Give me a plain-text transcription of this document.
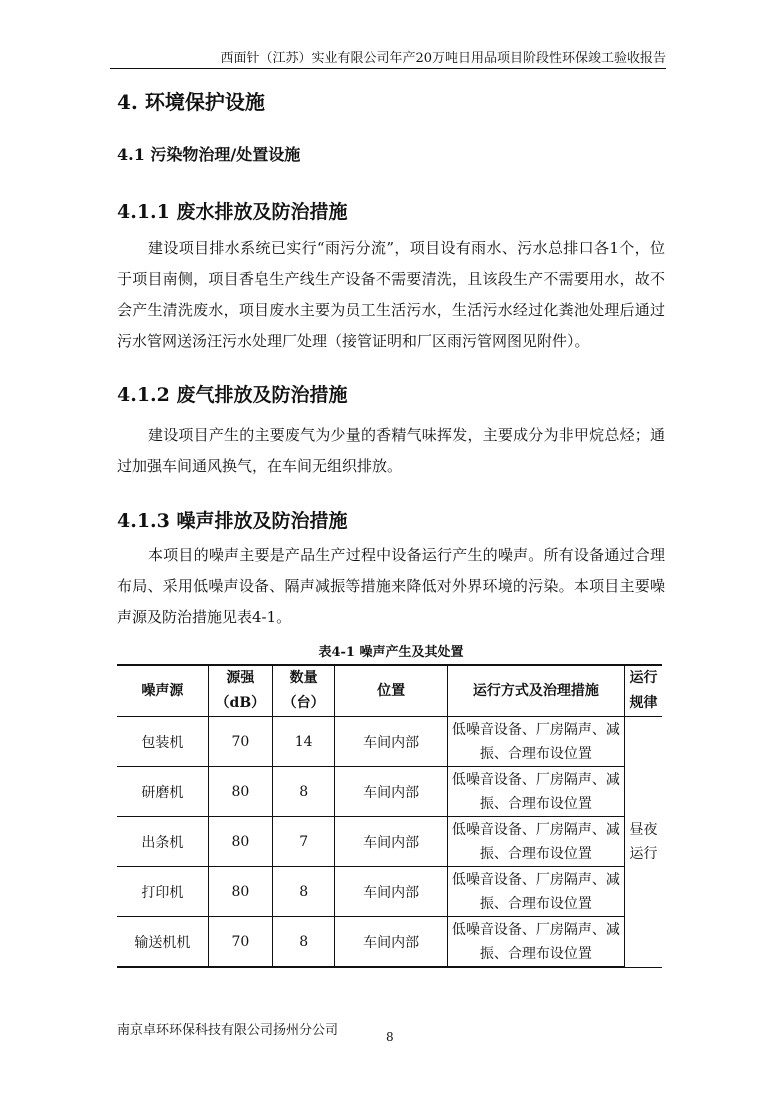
西面针（江苏）实业有限公司年产20万吨日用品项目阶段性环保竣工验收报告
4. 环境保护设施
4.1 污染物治理/处置设施
4.1.1 废水排放及防治措施
建设项目排水系统已实行“雨污分流”，项目设有雨水、污水总排口各1个，位于项目南侧，项目香皂生产线生产设备不需要清洗，且该段生产不需要用水，故不会产生清洗废水，项目废水主要为员工生活污水，生活污水经过化粪池处理后通过污水管网送汤汪污水处理厂处理（接管证明和厂区雨污管网图见附件）。
4.1.2 废气排放及防治措施
建设项目产生的主要废气为少量的香精气味挥发，主要成分为非甲烷总烃；通过加强车间通风换气，在车间无组织排放。
4.1.3 噪声排放及防治措施
本项目的噪声主要是产品生产过程中设备运行产生的噪声。所有设备通过合理布局、采用低噪声设备、隔声减振等措施来降低对外界环境的污染。本项目主要噪声源及防治措施见表4-1。
表4-1 噪声产生及其处置
噪声源	源强（dB）	数量（台）	位置	运行方式及治理措施	运行规律
包装机	70	14	车间内部	低噪音设备、厂房隔声、减振、合理布设位置	昼夜运行
研磨机	80	8	车间内部	低噪音设备、厂房隔声、减振、合理布设位置	
出条机	80	7	车间内部	低噪音设备、厂房隔声、减振、合理布设位置	
打印机	80	8	车间内部	低噪音设备、厂房隔声、减振、合理布设位置	
输送机机	70	8	车间内部	低噪音设备、厂房隔声、减振、合理布设位置	
南京卓环环保科技有限公司扬州分公司	8
